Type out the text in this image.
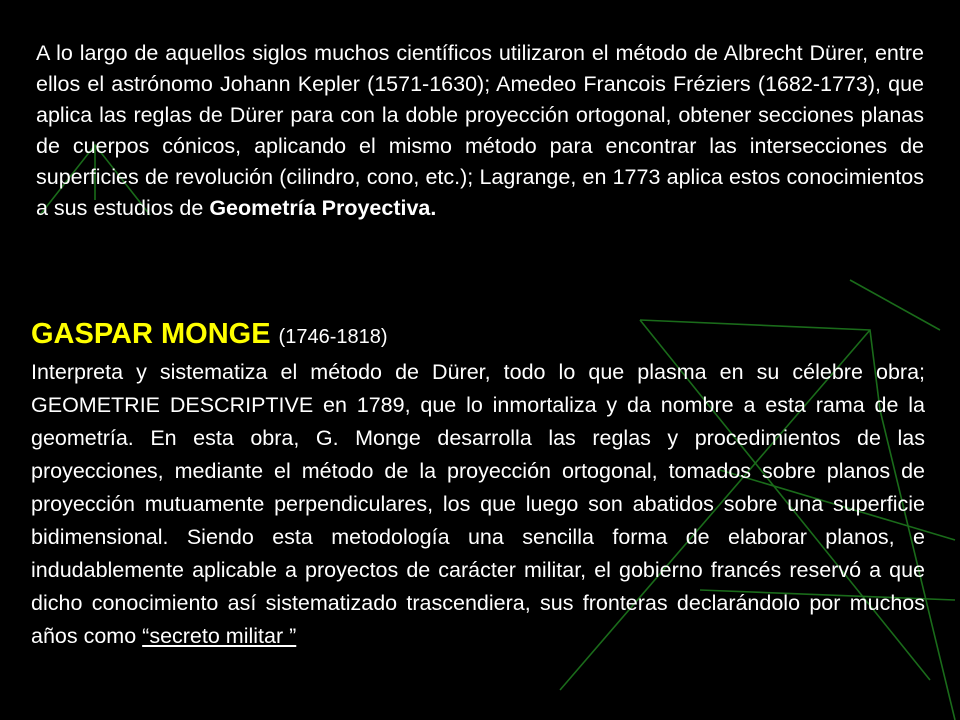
A lo largo de aquellos siglos muchos científicos utilizaron el método de Albrecht Dürer, entre ellos el astrónomo Johann Kepler (1571-1630); Amedeo Francois Fréziers (1682-1773), que aplica las reglas de Dürer para con la doble proyección ortogonal, obtener secciones planas de cuerpos cónicos, aplicando el mismo método para encontrar las intersecciones de superficies de revolución (cilindro, cono, etc.); Lagrange, en 1773 aplica estos conocimientos a sus estudios de Geometría Proyectiva.

GASPAR MONGE (1746-1818)

Interpreta y sistematiza el método de Dürer, todo lo que plasma en su célebre obra; GEOMETRIE DESCRIPTIVE en 1789, que lo inmortaliza y da nombre a esta rama de la geometría. En esta obra, G. Monge desarrolla las reglas y procedimientos de las proyecciones, mediante el método de la proyección ortogonal, tomados sobre planos de proyección mutuamente perpendiculares, los que luego son abatidos sobre una superficie bidimensional. Siendo esta metodología una sencilla forma de elaborar planos, e indudablemente aplicable a proyectos de carácter militar, el gobierno francés reservó a que dicho conocimiento así sistematizado trascendiera, sus fronteras declarándolo por muchos años como “secreto militar ”
